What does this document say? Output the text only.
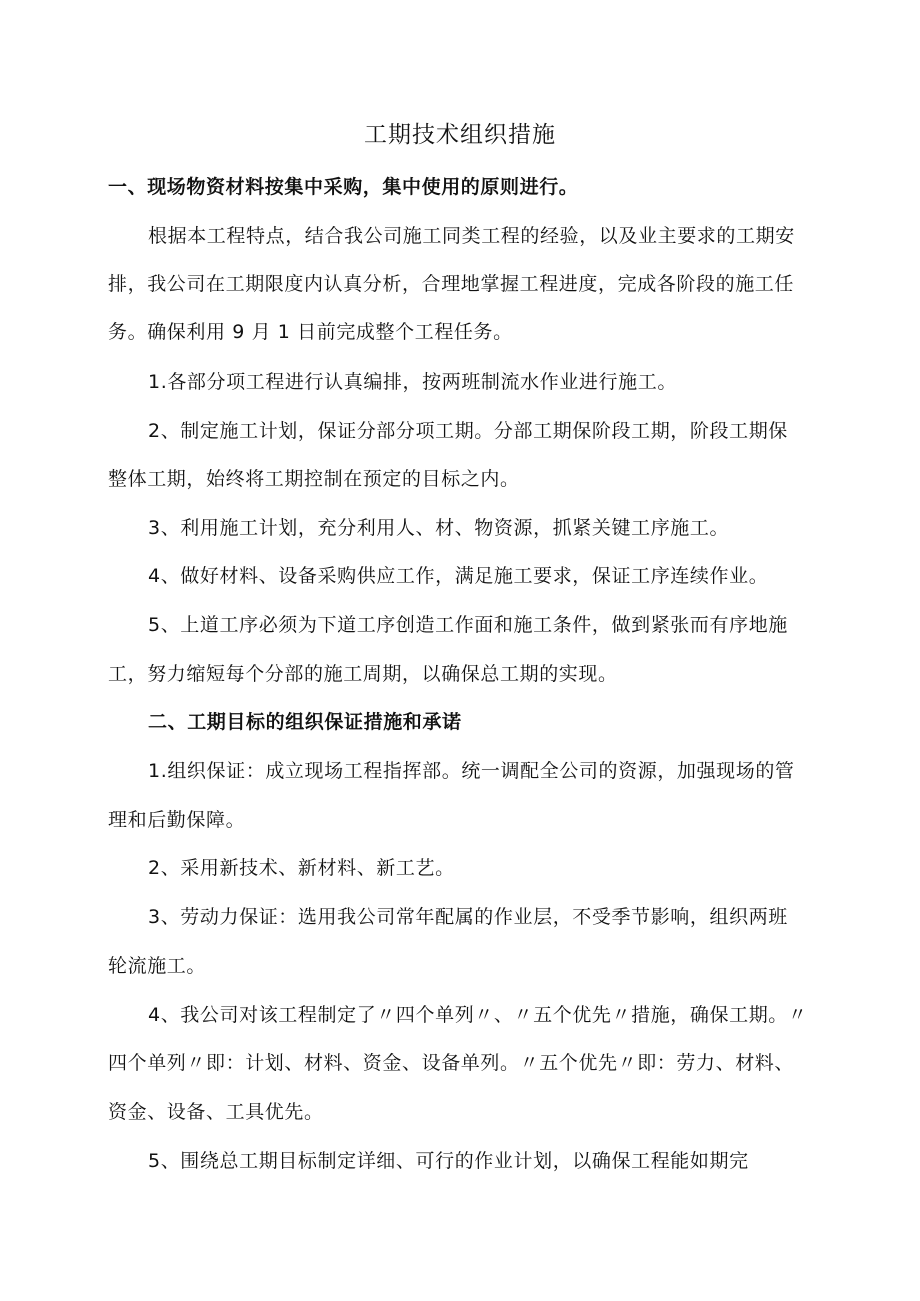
工期技术组织措施
一、现场物资材料按集中采购，集中使用的原则进行。
根据本工程特点，结合我公司施工同类工程的经验，以及业主要求的工期安
排，我公司在工期限度内认真分析，合理地掌握工程进度，完成各阶段的施工任
务。确保利用 9 月 1 日前完成整个工程任务。
1.各部分项工程进行认真编排，按两班制流水作业进行施工。
2、制定施工计划，保证分部分项工期。分部工期保阶段工期，阶段工期保
整体工期，始终将工期控制在预定的目标之内。
3、利用施工计划，充分利用人、材、物资源，抓紧关键工序施工。
4、做好材料、设备采购供应工作，满足施工要求，保证工序连续作业。
5、上道工序必须为下道工序创造工作面和施工条件，做到紧张而有序地施
工，努力缩短每个分部的施工周期，以确保总工期的实现。
二、工期目标的组织保证措施和承诺
1.组织保证：成立现场工程指挥部。统一调配全公司的资源，加强现场的管
理和后勤保障。
2、采用新技术、新材料、新工艺。
3、劳动力保证：选用我公司常年配属的作业层，不受季节影响，组织两班
轮流施工。
4、我公司对该工程制定了〃四个单列〃、〃五个优先〃措施，确保工期。〃
四个单列〃即：计划、材料、资金、设备单列。〃五个优先〃即：劳力、材料、
资金、设备、工具优先。
5、围绕总工期目标制定详细、可行的作业计划，以确保工程能如期完
